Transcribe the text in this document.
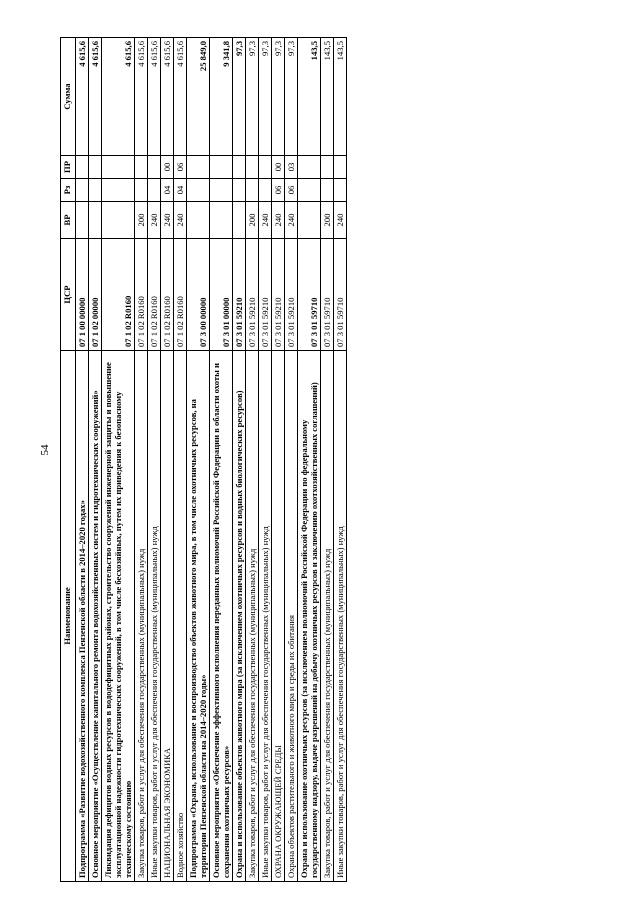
54
Наименование	ЦСР	ВР	Рз	ПР	Сумма
Подпрограмма «Развитие водохозяйственного комплекса Пензенской области в 2014–2020 годах»	07 1 00 00000				4 615,6
Основное мероприятие «Осуществление капитального ремонта водохозяйственных систем и гидротехнических сооружений»	07 1 02 00000				4 615,6
Ликвидация дефицитов водных ресурсов в вододефицитных районах, строительство сооружений инженерной защиты и повышение эксплуатационной надежности гидротехнических сооружений, в том числе бесхозяйных, путем их приведения к безопасному техническому состоянию	07 1 02 R0160				4 615,6
Закупка товаров, работ и услуг для обеспечения государственных (муниципальных) нужд	07 1 02 R0160	200			4 615,6
Иные закупки товаров, работ и услуг для обеспечения государственных (муниципальных) нужд	07 1 02 R0160	240			4 615,6
НАЦИОНАЛЬНАЯ ЭКОНОМИКА	07 1 02 R0160	240	04	00	4 615,6
Водное хозяйство	07 1 02 R0160	240	04	06	4 615,6
Подпрограмма «Охрана, использование и воспроизводство объектов животного мира, в том числе охотничьих ресурсов, на территории Пензенской области на 2014–2020 годы»	07 3 00 00000				25 849,0
Основное мероприятие «Обеспечение эффективного исполнения переданных полномочий Российской Федерации в области охоты и сохранения охотничьих ресурсов»	07 3 01 00000				9 341,8
Охрана и использование объектов животного мира (за исключением охотничьих ресурсов и водных биологических ресурсов)	07 3 01 59210				97,3
Закупка товаров, работ и услуг для обеспечения государственных (муниципальных) нужд	07 3 01 59210	200			97,3
Иные закупки товаров, работ и услуг для обеспечения государственных (муниципальных) нужд	07 3 01 59210	240			97,3
ОХРАНА ОКРУЖАЮЩЕЙ СРЕДЫ	07 3 01 59210	240	06	00	97,3
Охрана объектов растительного и животного мира и среды их обитания	07 3 01 59210	240	06	03	97,3
Охрана и использование охотничьих ресурсов (за исключением полномочий Российской Федерации по федеральному государственному надзору, выдаче разрешений на добычу охотничьих ресурсов и заключению охотхозяйственных соглашений)	07 3 01 59710				143,5
Закупка товаров, работ и услуг для обеспечения государственных (муниципальных) нужд	07 3 01 59710	200			143,5
Иные закупки товаров, работ и услуг для обеспечения государственных (муниципальных) нужд	07 3 01 59710	240			143,5
